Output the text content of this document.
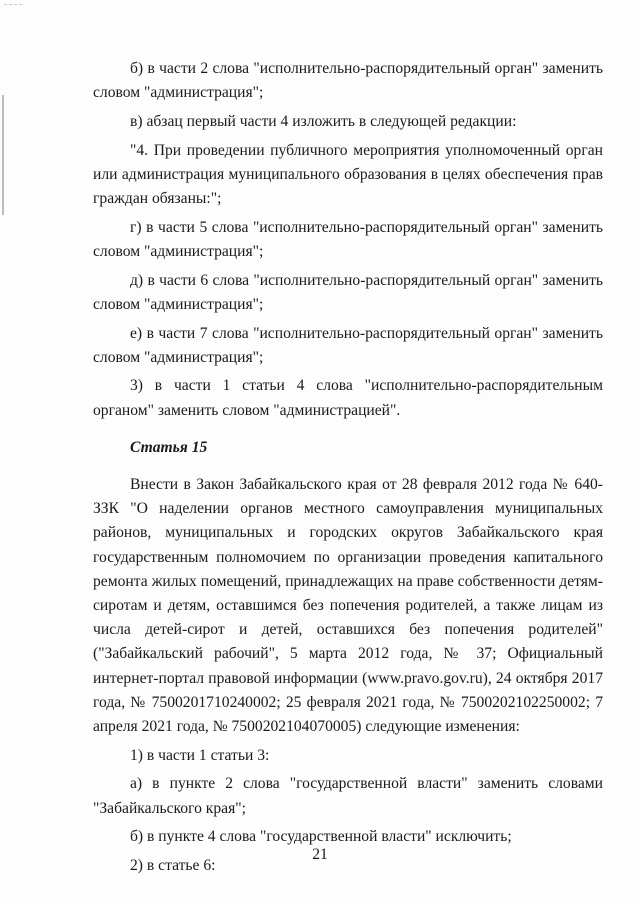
б) в части 2 слова "исполнительно-распорядительный орган" заменить словом "администрация";

в) абзац первый части 4 изложить в следующей редакции:

"4. При проведении публичного мероприятия уполномоченный орган или администрация муниципального образования в целях обеспечения прав граждан обязаны:";

г) в части 5 слова "исполнительно-распорядительный орган" заменить словом "администрация";

д) в части 6 слова "исполнительно-распорядительный орган" заменить словом "администрация";

е) в части 7 слова "исполнительно-распорядительный орган" заменить словом "администрация";

3) в части 1 статьи 4 слова "исполнительно-распорядительным органом" заменить словом "администрацией".

Статья 15

Внести в Закон Забайкальского края от 28 февраля 2012 года № 640-ЗЗК "О наделении органов местного самоуправления муниципальных районов, муниципальных и городских округов Забайкальского края государственным полномочием по организации проведения капитального ремонта жилых помещений, принадлежащих на праве собственности детям-сиротам и детям, оставшимся без попечения родителей, а также лицам из числа детей-сирот и детей, оставшихся без попечения родителей" ("Забайкальский рабочий", 5 марта 2012 года, № 37; Официальный интернет-портал правовой информации (www.pravo.gov.ru), 24 октября 2017 года, № 7500201710240002; 25 февраля 2021 года, № 7500202102250002; 7 апреля 2021 года, № 7500202104070005) следующие изменения:

1) в части 1 статьи 3:

а) в пункте 2 слова "государственной власти" заменить словами "Забайкальского края";

б) в пункте 4 слова "государственной власти" исключить;

2) в статье 6:

21
